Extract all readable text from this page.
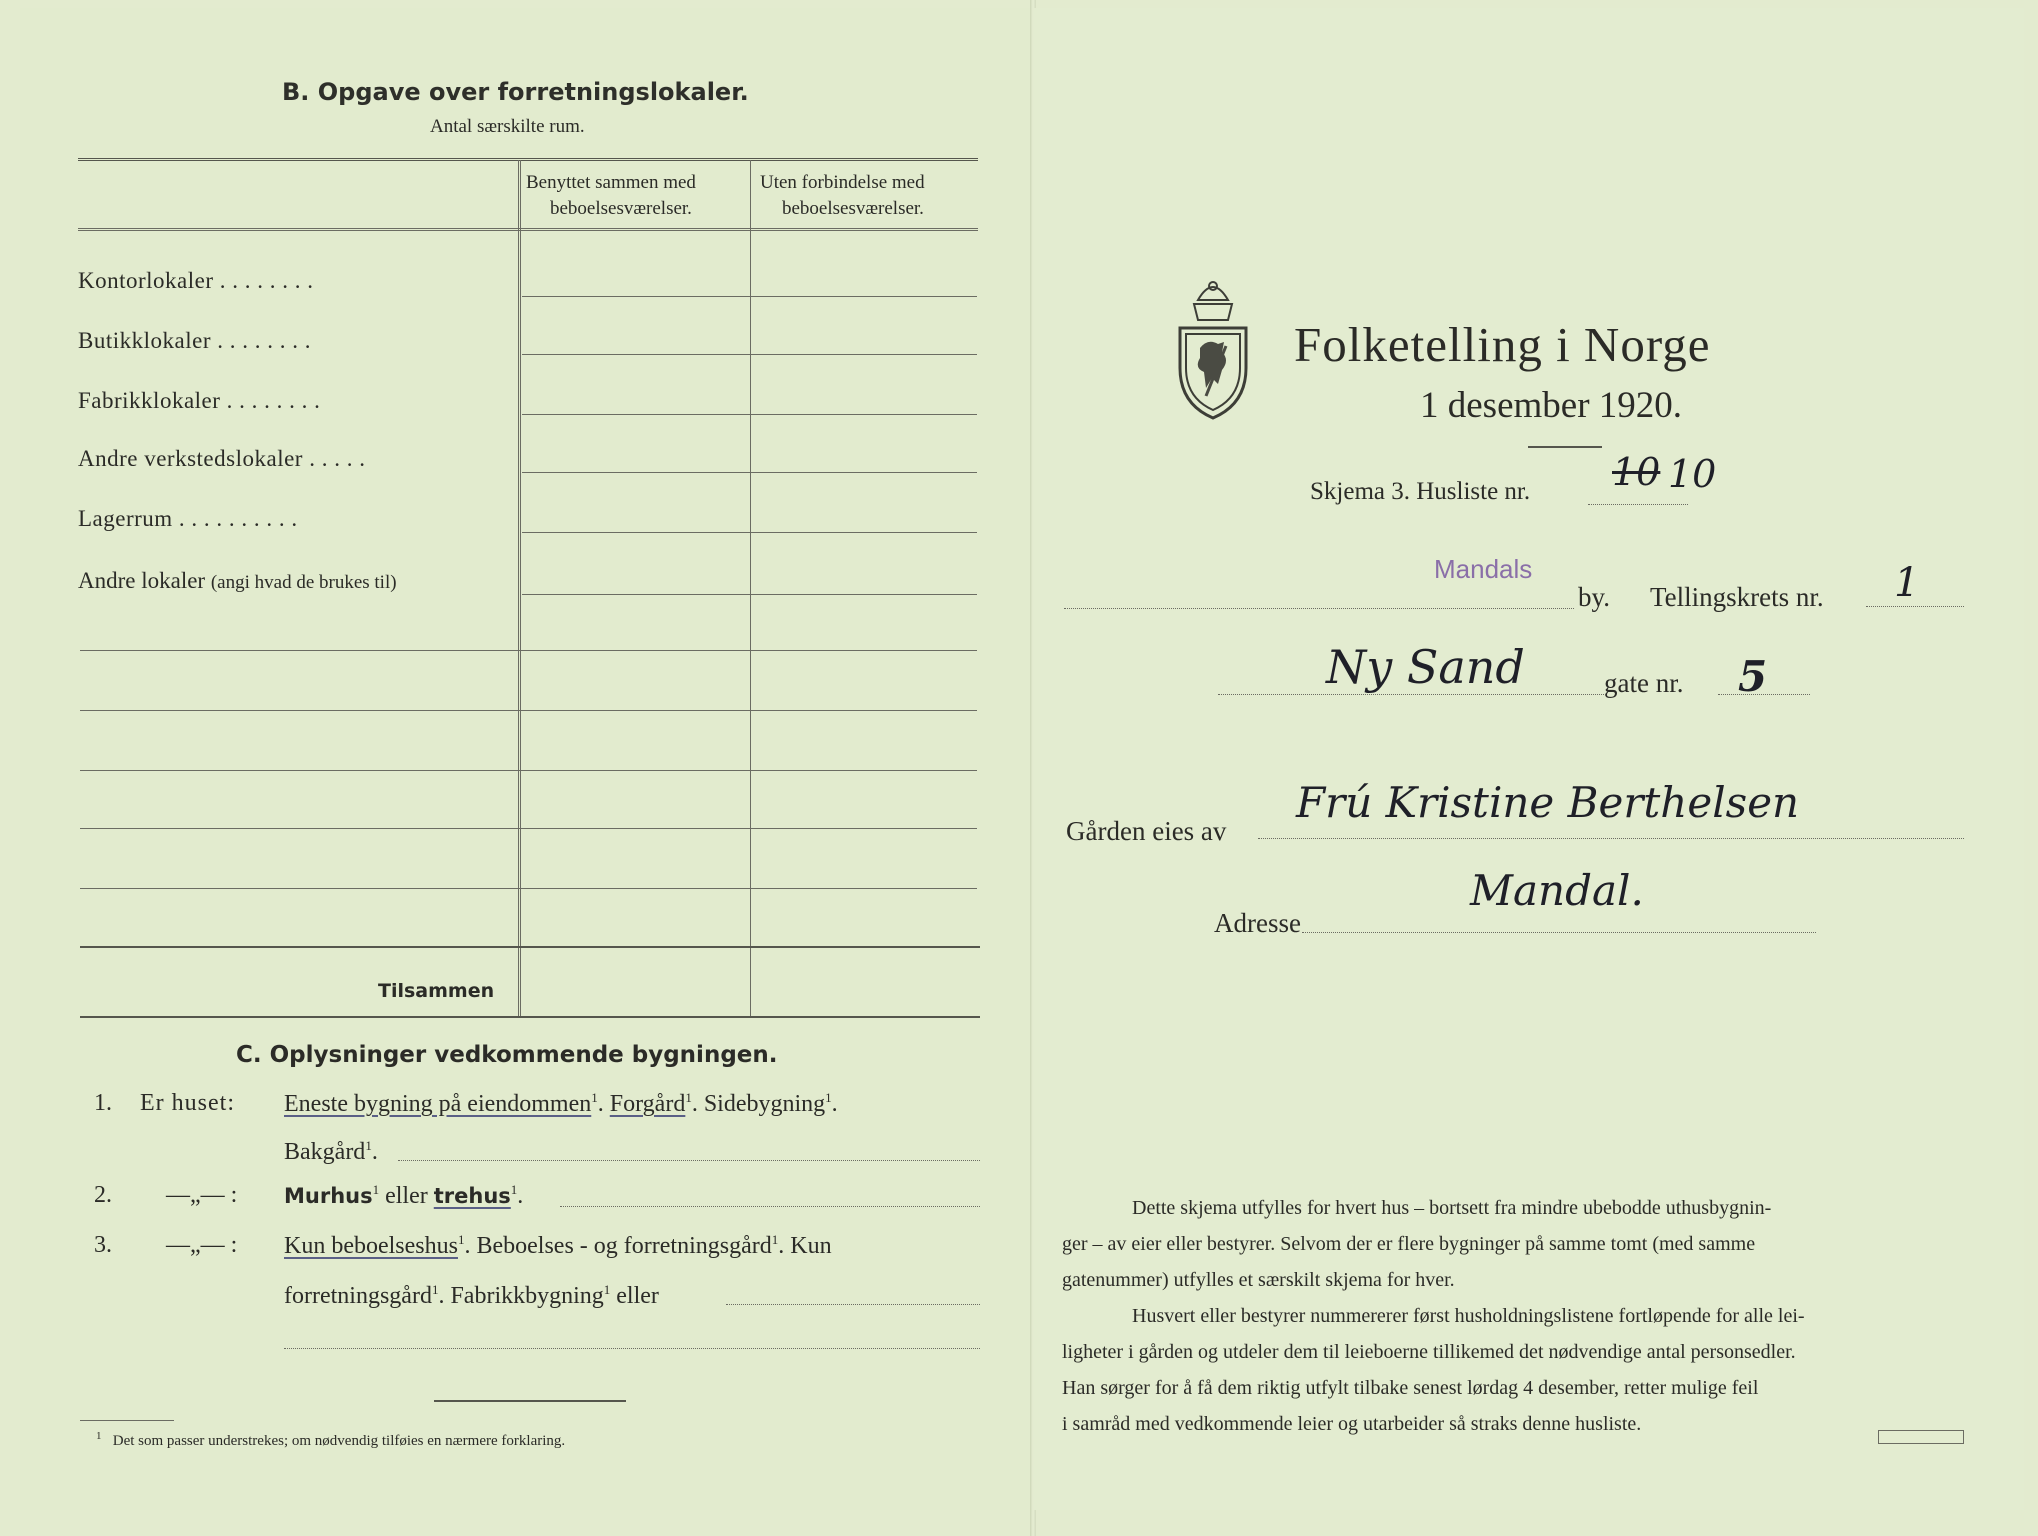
B. Opgave over forretningslokaler.
Antal særskilte rum.
Benyttet sammen med
beboelsesværelser.
Uten forbindelse med
beboelsesværelser.
Kontorlokaler . . . . . . . .
Butikklokaler . . . . . . . .
Fabrikklokaler . . . . . . . .
Andre verkstedslokaler . . . . .
Lagerrum . . . . . . . . . .
Andre lokaler (angi hvad de brukes til)
Tilsammen
C. Oplysninger vedkommende bygningen.
1. Er huset: Eneste bygning på eiendommen$^1$. Forgård$^1$. Sidebygning$^1$.
Bakgård$^1$.
2. —„— : Murhus$^1$ eller trehus$^1$.
3. —„— : Kun beboelseshus$^1$. Beboelses - og forretningsgård$^1$. Kun
forretningsgård$^1$. Fabrikkbygning$^1$ eller
$^1$ Det som passer understrekes; om nødvendig tilføies en nærmere forklaring.
Folketelling i Norge
1 desember 1920.
Skjema 3. Husliste nr. 10 10
Mandals
by. Tellingskrets nr. 1
Ny Sand	gate nr. 5
Gården eies av
Frú Kristine Berthelsen
Adresse
Mandal.
Dette skjema utfylles for hvert hus – bortsett fra mindre ubebodde uthusbygnin-
ger – av eier eller bestyrer. Selvom der er flere bygninger på samme tomt (med samme
gatenummer) utfylles et særskilt skjema for hver.
Husvert eller bestyrer nummererer først husholdningslistene fortløpende for alle lei-
ligheter i gården og utdeler dem til leieboerne tillikemed det nødvendige antal personsedler.
Han sørger for å få dem riktig utfylt tilbake senest lørdag 4 desember, retter mulige feil
i samråd med vedkommende leier og utarbeider så straks denne husliste.
